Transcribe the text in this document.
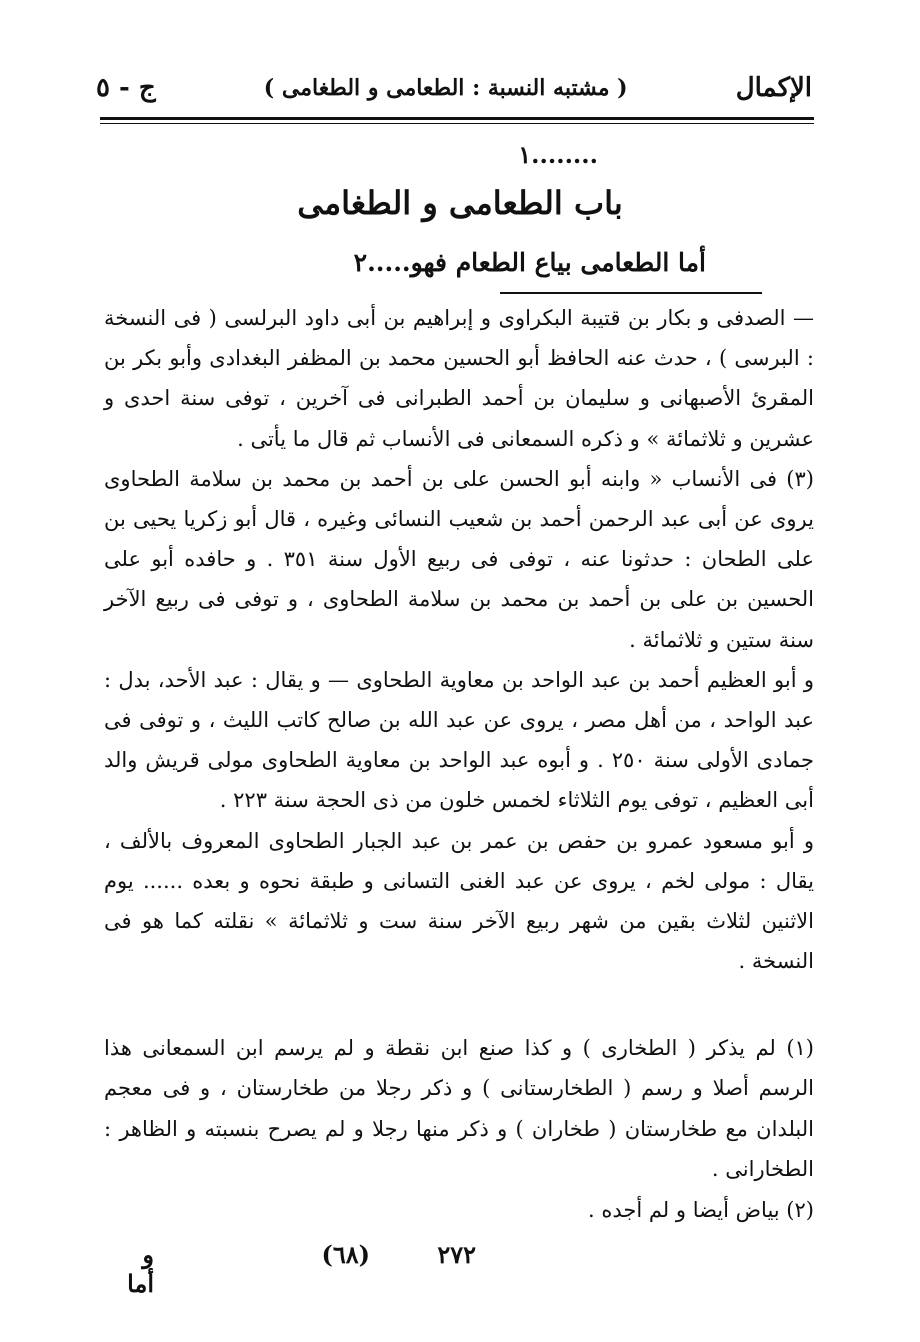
الإكمال
( مشتبه النسبة : الطعامى و الطغامى )
ج - ٥
........١
باب الطعامى و الطغامى
أما الطعامى بياع الطعام فهو.....٢

— الصدفى و بكار بن قتيبة البكراوى و إبراهيم بن أبى داود البرلسى ( فى النسخة : البرسى ) ، حدث عنه الحافظ أبو الحسين محمد بن المظفر البغدادى وأبو بكر بن المقرئ الأصبهانى و سليمان بن أحمد الطبرانى فى آخرين ، توفى سنة احدى و عشرين و ثلاثمائة » و ذكره السمعانى فى الأنساب ثم قال ما يأتى .

(٣) فى الأنساب « وابنه أبو الحسن على بن أحمد بن محمد بن سلامة الطحاوى يروى عن أبى عبد الرحمن أحمد بن شعيب النسائى وغيره ، قال أبو زكريا يحيى بن على الطحان : حدثونا عنه ، توفى فى ربيع الأول سنة ٣٥١ . و حافده أبو على الحسين بن على بن أحمد بن محمد بن سلامة الطحاوى ، و توفى فى ربيع الآخر سنة ستين و ثلاثمائة .

و أبو العظيم أحمد بن عبد الواحد بن معاوية الطحاوى — و يقال : عبد الأحد، بدل : عبد الواحد ، من أهل مصر ، يروى عن عبد الله بن صالح كاتب الليث ، و توفى فى جمادى الأولى سنة ٢٥٠ . و أبوه عبد الواحد بن معاوية الطحاوى مولى قريش والد أبى العظيم ، توفى يوم الثلاثاء لخمس خلون من ذى الحجة سنة ٢٢٣ .

و أبو مسعود عمرو بن حفص بن عمر بن عبد الجبار الطحاوى المعروف بالألف ، يقال : مولى لخم ، يروى عن عبد الغنى التسانى و طبقة نحوه و بعده ...... يوم الاثنين لثلاث بقين من شهر ربيع الآخر سنة ست و ثلاثمائة » نقلته كما هو فى النسخة .

(١) لم يذكر ( الطخارى ) و كذا صنع ابن نقطة و لم يرسم ابن السمعانى هذا الرسم أصلا و رسم ( الطخارستانى ) و ذكر رجلا من طخارستان ، و فى معجم البلدان مع طخارستان ( طخاران ) و ذكر منها رجلا و لم يصرح بنسبته و الظاهر : الطخارانى .

(٢) بياض أيضا و لم أجده .

٢٧٢
(٦٨)
و أما
